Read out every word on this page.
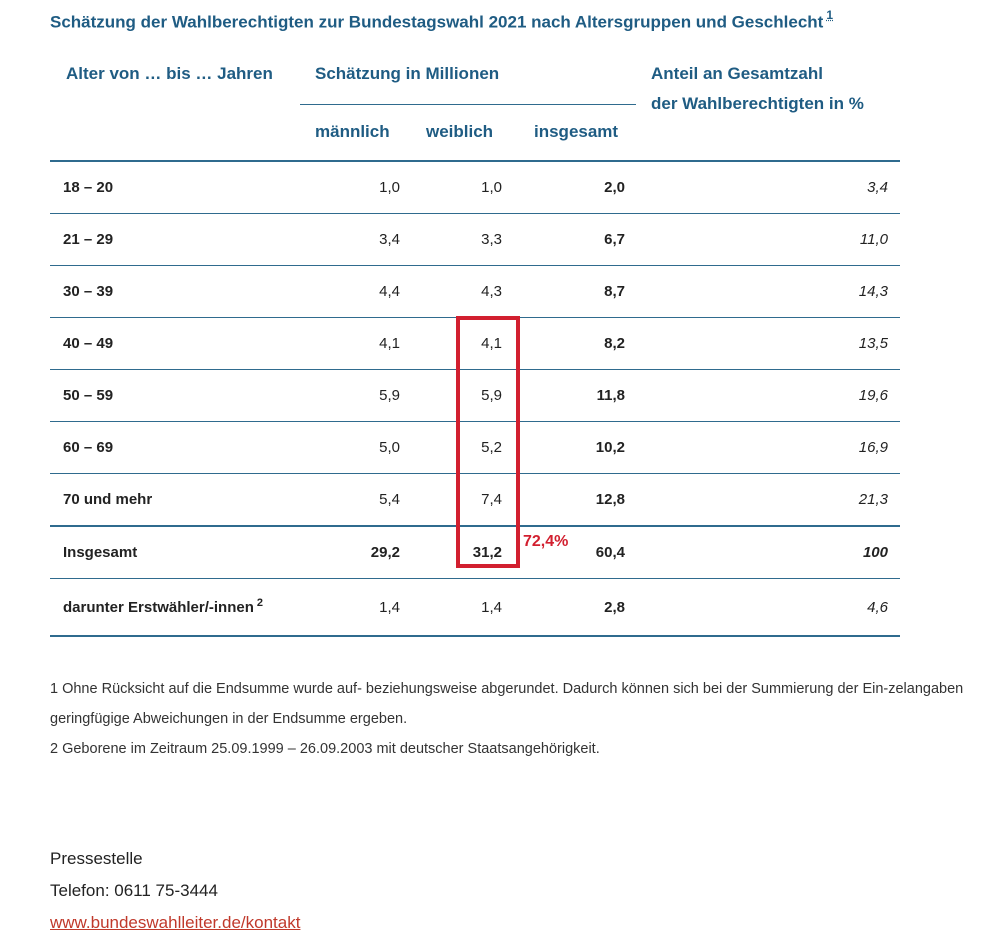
Schätzung der Wahlberechtigten zur Bundestagswahl 2021 nach Altersgruppen und Geschlecht $^1$
Alter von … bis … Jahren Schätzung in Millionen
männlich weiblich insgesamt
Anteil an Gesamtzahl
der Wahlberechtigten in %
18 – 20	1,0	1,0	2,0	3,4
21 – 29	3,4	3,3	6,7	11,0
30 – 39	4,4	4,3	8,7	14,3
40 – 49	4,1	4,1	8,2	13,5
50 – 59	5,9	5,9	11,8	19,6
60 – 69	5,0	5,2	10,2	16,9
70 und mehr	5,4	7,4	12,8	21,3
Insgesamt	29,2	31,2	60,4	100
darunter Erstwähler/-innen $^2$	1,4	1,4	2,8	4,6
72,4%

1 Ohne Rücksicht auf die Endsumme wurde auf- beziehungsweise abgerundet. Dadurch können sich bei der Summierung der Ein-zelangaben geringfügige Abweichungen in der Endsumme ergeben.

2 Geborene im Zeitraum 25.09.1999 – 26.09.2003 mit deutscher Staatsangehörigkeit.

Pressestelle
Telefon: 0611 75-3444
www.bundeswahlleiter.de/kontakt
